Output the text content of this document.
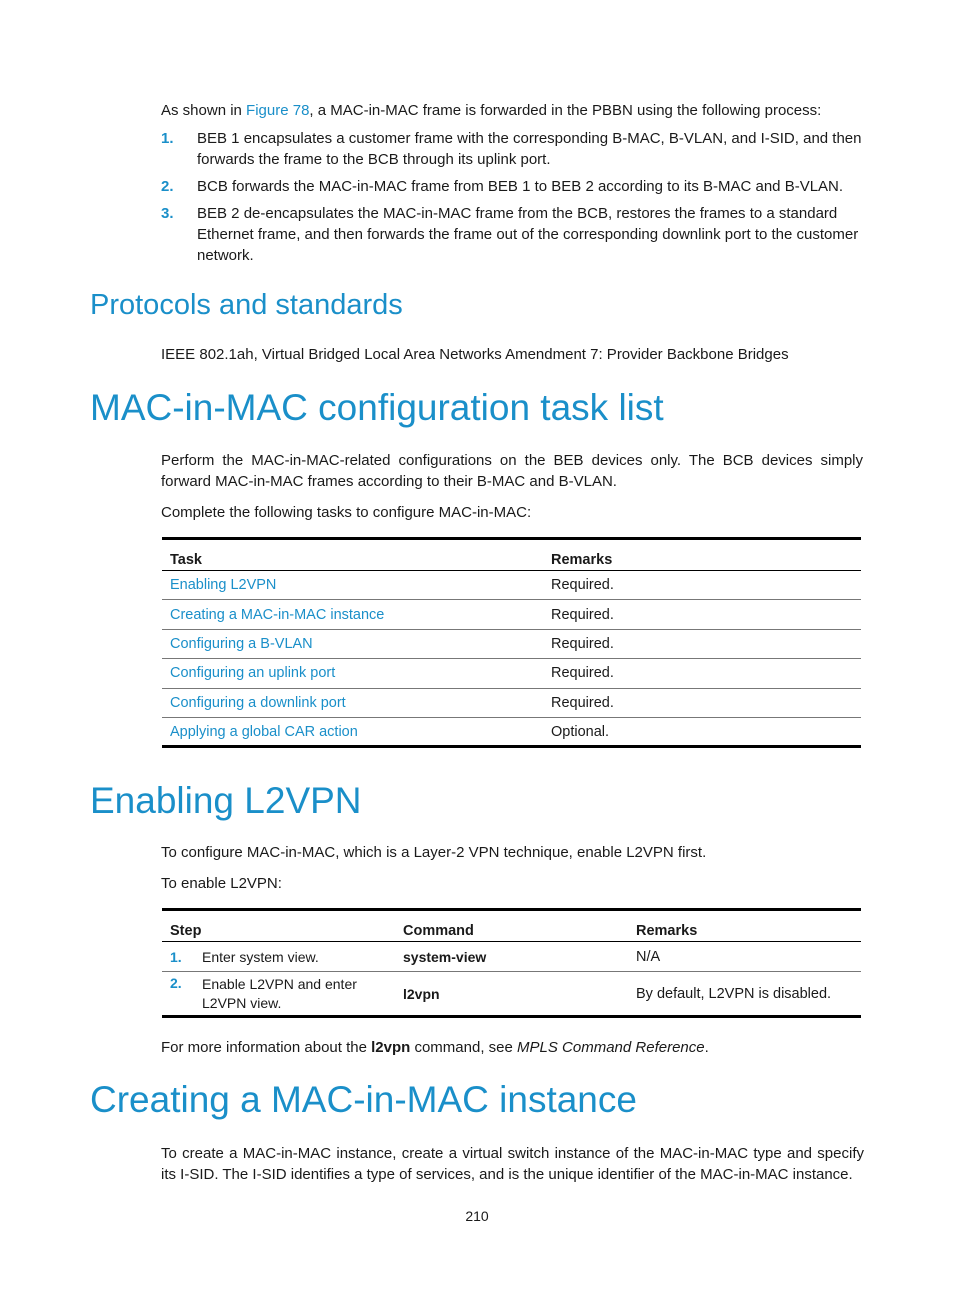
As shown in Figure 78, a MAC-in-MAC frame is forwarded in the PBBN using the following process:
1. BEB 1 encapsulates a customer frame with the corresponding B-MAC, B-VLAN, and I-SID, and then forwards the frame to the BCB through its uplink port.
2. BCB forwards the MAC-in-MAC frame from BEB 1 to BEB 2 according to its B-MAC and B-VLAN.
3. BEB 2 de-encapsulates the MAC-in-MAC frame from the BCB, restores the frames to a standard Ethernet frame, and then forwards the frame out of the corresponding downlink port to the customer network.
Protocols and standards
IEEE 802.1ah, Virtual Bridged Local Area Networks Amendment 7: Provider Backbone Bridges
MAC-in-MAC configuration task list
Perform the MAC-in-MAC-related configurations on the BEB devices only. The BCB devices simply forward MAC-in-MAC frames according to their B-MAC and B-VLAN.
Complete the following tasks to configure MAC-in-MAC:
Task	Remarks
Enabling L2VPN	Required.
Creating a MAC-in-MAC instance	Required.
Configuring a B-VLAN	Required.
Configuring an uplink port	Required.
Configuring a downlink port	Required.
Applying a global CAR action	Optional.
Enabling L2VPN
To configure MAC-in-MAC, which is a Layer-2 VPN technique, enable L2VPN first.
To enable L2VPN:
Step	Command	Remarks
1. Enter system view.	system-view	N/A

2. Enable L2VPN and enter L2VPN view.	l2vpn	By default, L2VPN is disabled.
For more information about the l2vpn command, see MPLS Command Reference.
Creating a MAC-in-MAC instance
To create a MAC-in-MAC instance, create a virtual switch instance of the MAC-in-MAC type and specify its I-SID. The I-SID identifies a type of services, and is the unique identifier of the MAC-in-MAC instance.
210
